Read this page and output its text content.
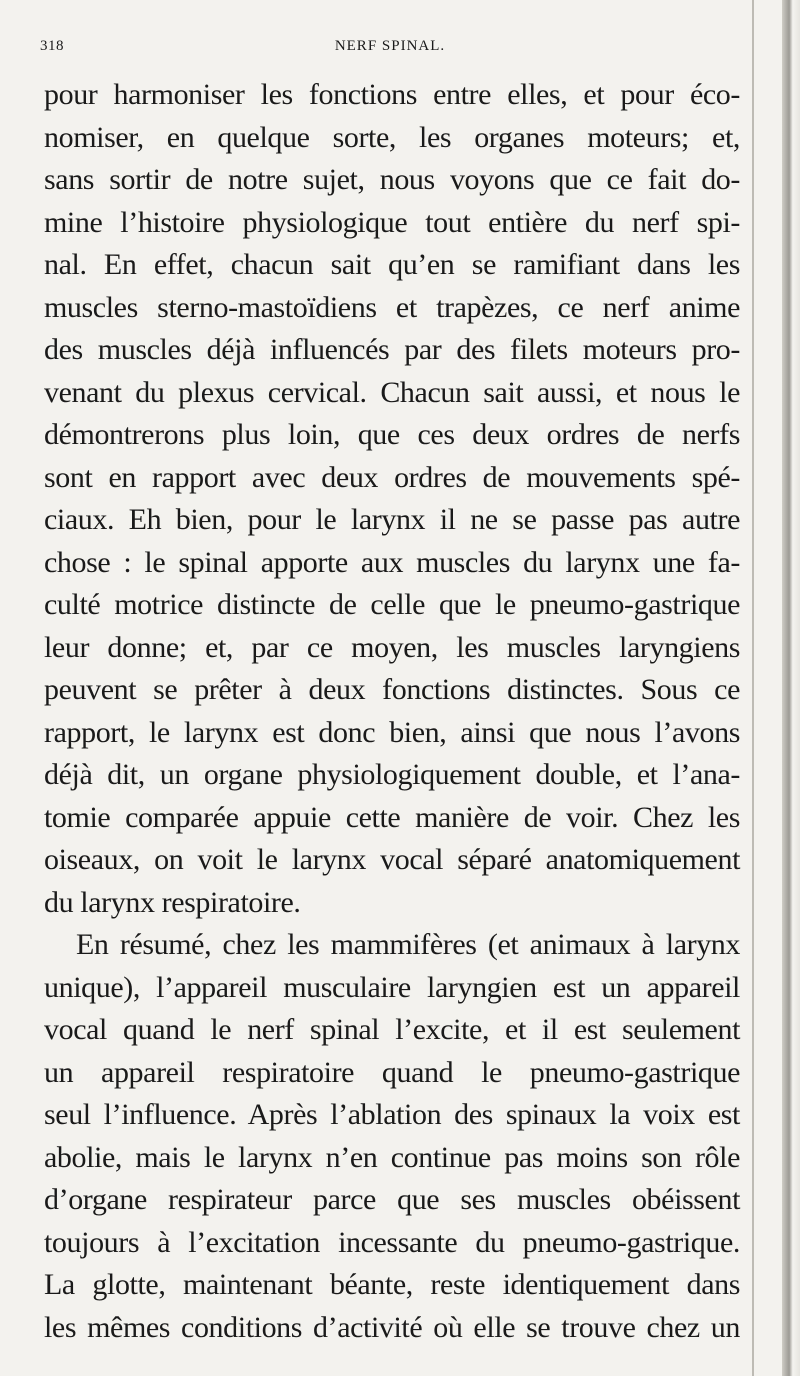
318	NERF SPINAL.
pour harmoniser les fonctions entre elles, et pour éco-
nomiser, en quelque sorte, les organes moteurs; et,
sans sortir de notre sujet, nous voyons que ce fait do-
mine l’histoire physiologique tout entière du nerf spi-
nal. En effet, chacun sait qu’en se ramifiant dans les
muscles sterno-mastoïdiens et trapèzes, ce nerf anime
des muscles déjà influencés par des filets moteurs pro-
venant du plexus cervical. Chacun sait aussi, et nous le
démontrerons plus loin, que ces deux ordres de nerfs
sont en rapport avec deux ordres de mouvements spé-
ciaux. Eh bien, pour le larynx il ne se passe pas autre
chose : le spinal apporte aux muscles du larynx une fa-
culté motrice distincte de celle que le pneumo-gastrique
leur donne; et, par ce moyen, les muscles laryngiens
peuvent se prêter à deux fonctions distinctes. Sous ce
rapport, le larynx est donc bien, ainsi que nous l’avons
déjà dit, un organe physiologiquement double, et l’ana-
tomie comparée appuie cette manière de voir. Chez les
oiseaux, on voit le larynx vocal séparé anatomiquement
du larynx respiratoire.
En résumé, chez les mammifères (et animaux à larynx
unique), l’appareil musculaire laryngien est un appareil
vocal quand le nerf spinal l’excite, et il est seulement
un appareil respiratoire quand le pneumo-gastrique
seul l’influence. Après l’ablation des spinaux la voix est
abolie, mais le larynx n’en continue pas moins son rôle
d’organe respirateur parce que ses muscles obéissent
toujours à l’excitation incessante du pneumo-gastrique.
La glotte, maintenant béante, reste identiquement dans
les mêmes conditions d’activité où elle se trouve chez un
